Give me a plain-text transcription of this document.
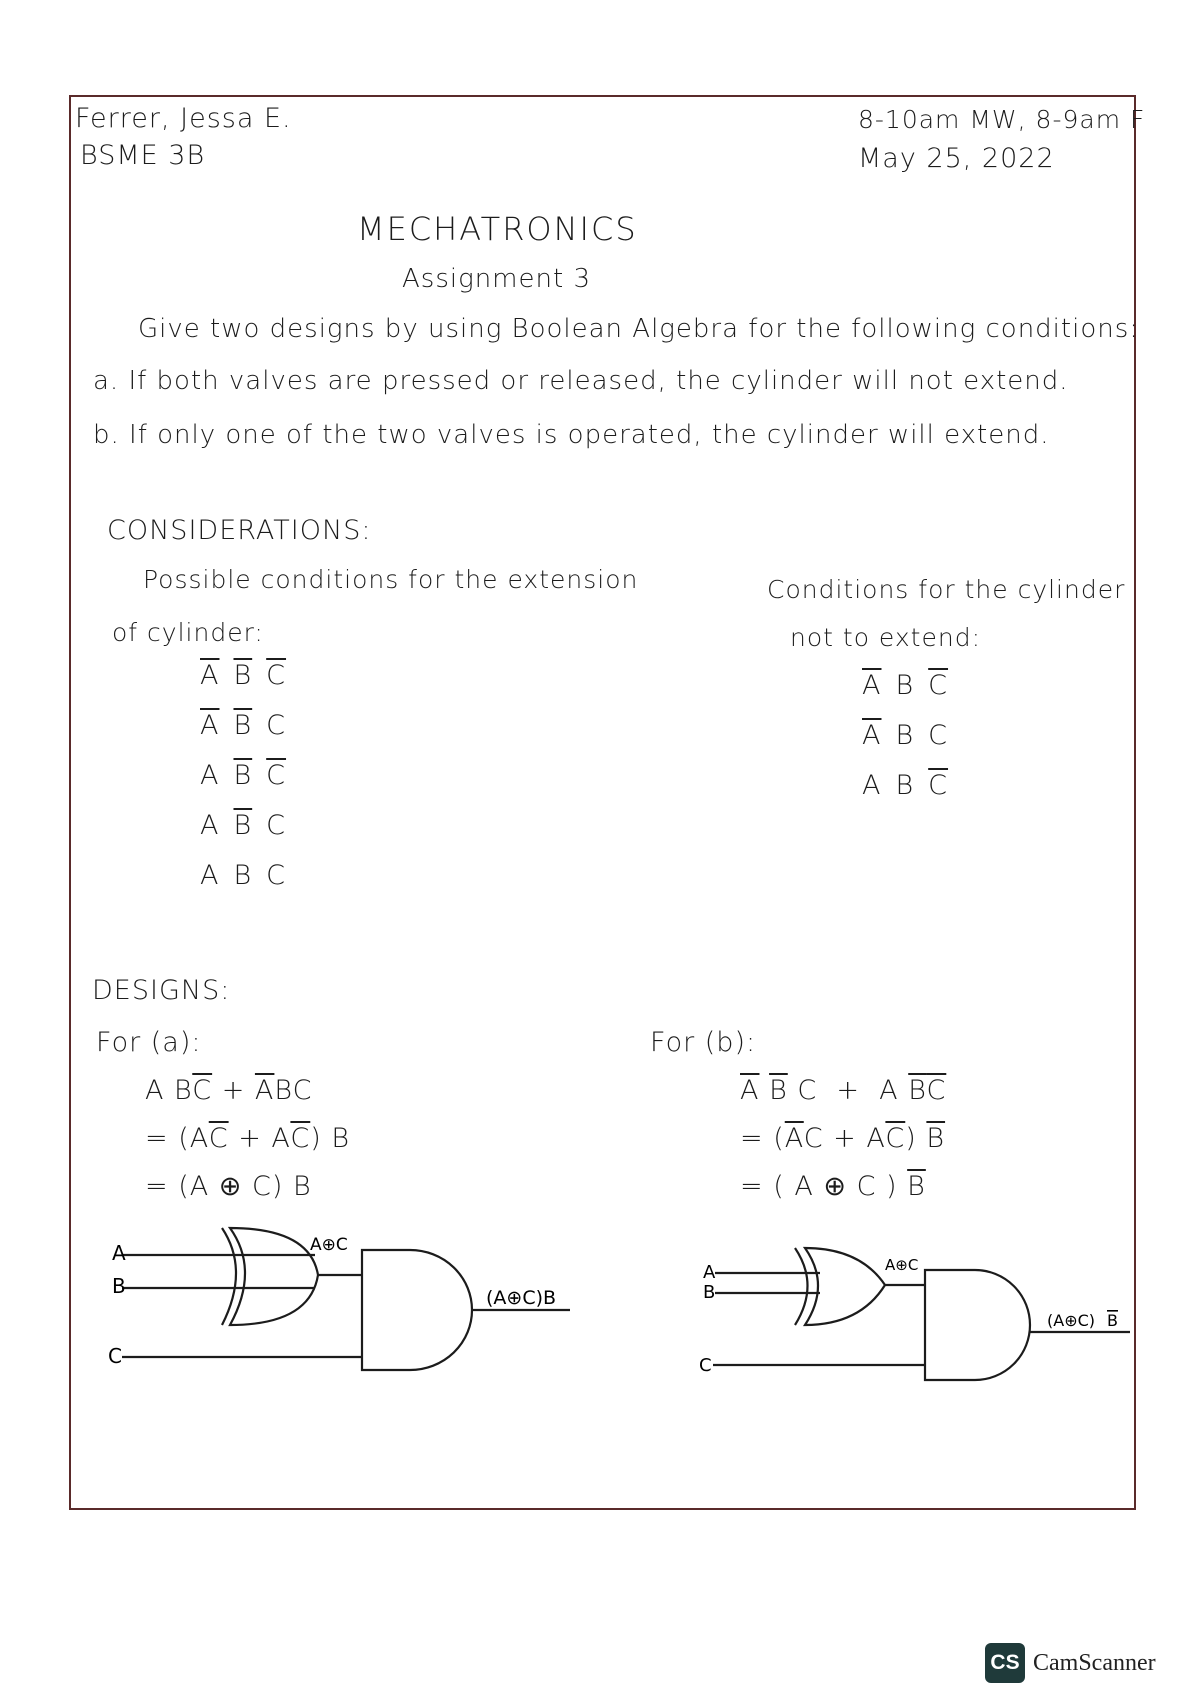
Ferrer, Jessa E.
BSME 3B
8-10am MW, 8-9am F
May 25, 2022
MECHATRONICS
Assignment 3
Give two designs by using Boolean Algebra for the following conditions:
a. If both valves are pressed or released, the cylinder will not extend.
b. If only one of the two valves is operated, the cylinder will extend.
CONSIDERATIONS:
Possible conditions for the extension
of cylinder:
Conditions for the cylinder
not to extend:
$\overline{A}$ $\overline{B}$ $\overline{C}$
$\overline{A}$ $\overline{B}$ C
A $\overline{B}$ $\overline{C}$
A $\overline{B}$ C
A B C
$\overline{A}$ B $\overline{C}$
$\overline{A}$ B C
A B $\overline{C}$
DESIGNS:
For (a):	For (b):
A $B\overline{C} + \overline{A}BC$
= $(A\overline{C} + A\overline{C})$ B
= (A ⊕ C) B
$\overline{A}$ $\overline{B}$ C  +  A $\overline{B}\overline{C}$
= $(\overline{A}C + A\overline{C})$ $\overline{B}$
= ( A ⊕ C ) $\overline{B}$
A
B
C
A⊕C
(A⊕C)B
A
B
C
A⊕C
(A⊕C) B
CS CamScanner
